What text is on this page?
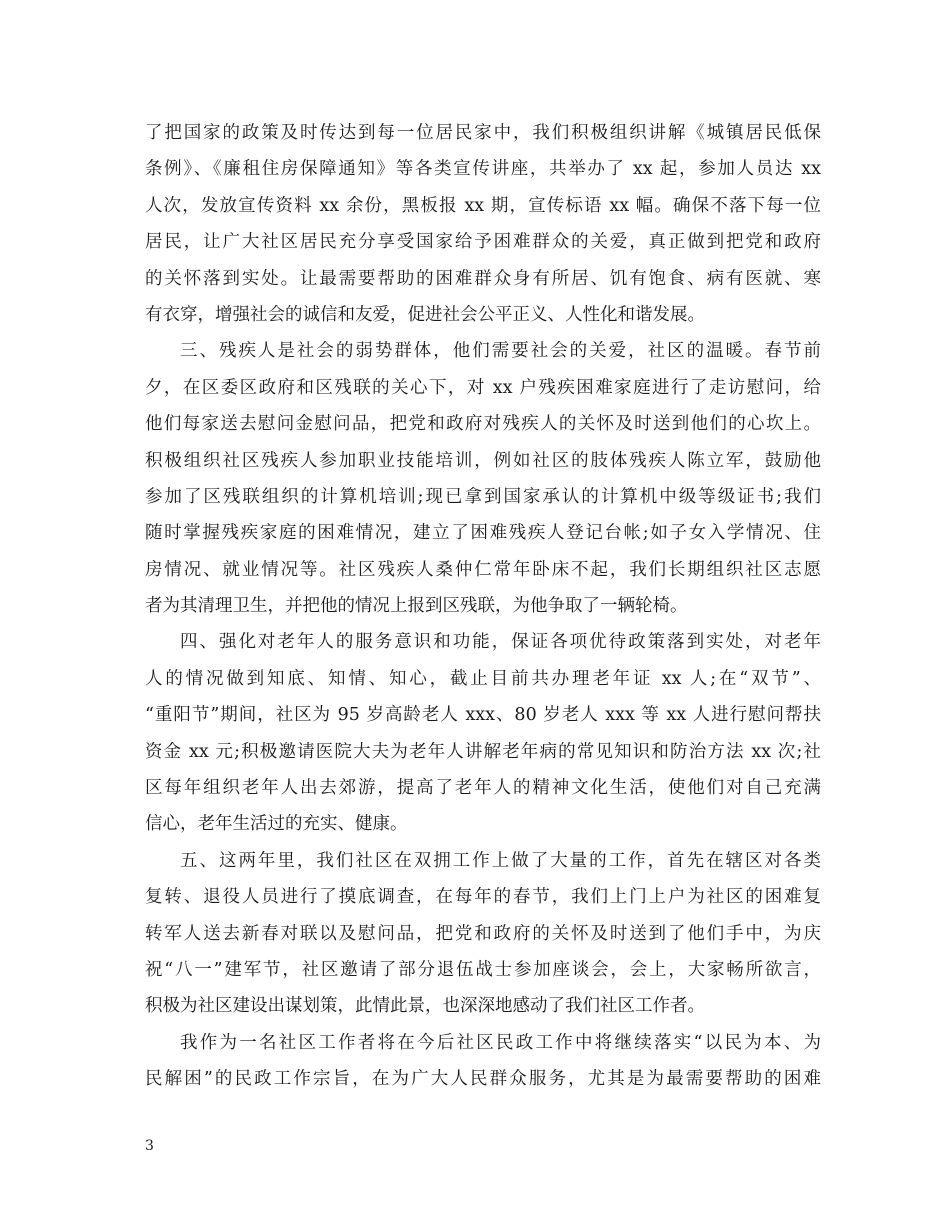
了把国家的政策及时传达到每一位居民家中，我们积极组织讲解《城镇居民低保
条例》、《廉租住房保障通知》等各类宣传讲座，共举办了 xx 起，参加人员达 xx
人次，发放宣传资料 xx 余份，黑板报 xx 期，宣传标语 xx 幅。确保不落下每一位
居民，让广大社区居民充分享受国家给予困难群众的关爱，真正做到把党和政府
的关怀落到实处。让最需要帮助的困难群众身有所居、饥有饱食、病有医就、寒
有衣穿，增强社会的诚信和友爱，促进社会公平正义、人性化和谐发展。
三、残疾人是社会的弱势群体，他们需要社会的关爱，社区的温暖。春节前
夕，在区委区政府和区残联的关心下，对 xx 户残疾困难家庭进行了走访慰问，给
他们每家送去慰问金慰问品，把党和政府对残疾人的关怀及时送到他们的心坎上。
积极组织社区残疾人参加职业技能培训，例如社区的肢体残疾人陈立军，鼓励他
参加了区残联组织的计算机培训;现已拿到国家承认的计算机中级等级证书;我们
随时掌握残疾家庭的困难情况，建立了困难残疾人登记台帐;如子女入学情况、住
房情况、就业情况等。社区残疾人桑仲仁常年卧床不起，我们长期组织社区志愿
者为其清理卫生，并把他的情况上报到区残联，为他争取了一辆轮椅。
四、强化对老年人的服务意识和功能，保证各项优待政策落到实处，对老年
人的情况做到知底、知情、知心，截止目前共办理老年证 xx 人;在“双节”、
“重阳节”期间，社区为 95 岁高龄老人 xxx、80 岁老人 xxx 等 xx 人进行慰问帮扶
资金 xx 元;积极邀请医院大夫为老年人讲解老年病的常见知识和防治方法 xx 次;社
区每年组织老年人出去郊游，提高了老年人的精神文化生活，使他们对自己充满
信心，老年生活过的充实、健康。
五、这两年里，我们社区在双拥工作上做了大量的工作，首先在辖区对各类
复转、退役人员进行了摸底调查，在每年的春节，我们上门上户为社区的困难复
转军人送去新春对联以及慰问品，把党和政府的关怀及时送到了他们手中，为庆
祝“八一”建军节，社区邀请了部分退伍战士参加座谈会，会上，大家畅所欲言，
积极为社区建设出谋划策，此情此景，也深深地感动了我们社区工作者。
我作为一名社区工作者将在今后社区民政工作中将继续落实“以民为本、为
民解困”的民政工作宗旨，在为广大人民群众服务，尤其是为最需要帮助的困难
3
